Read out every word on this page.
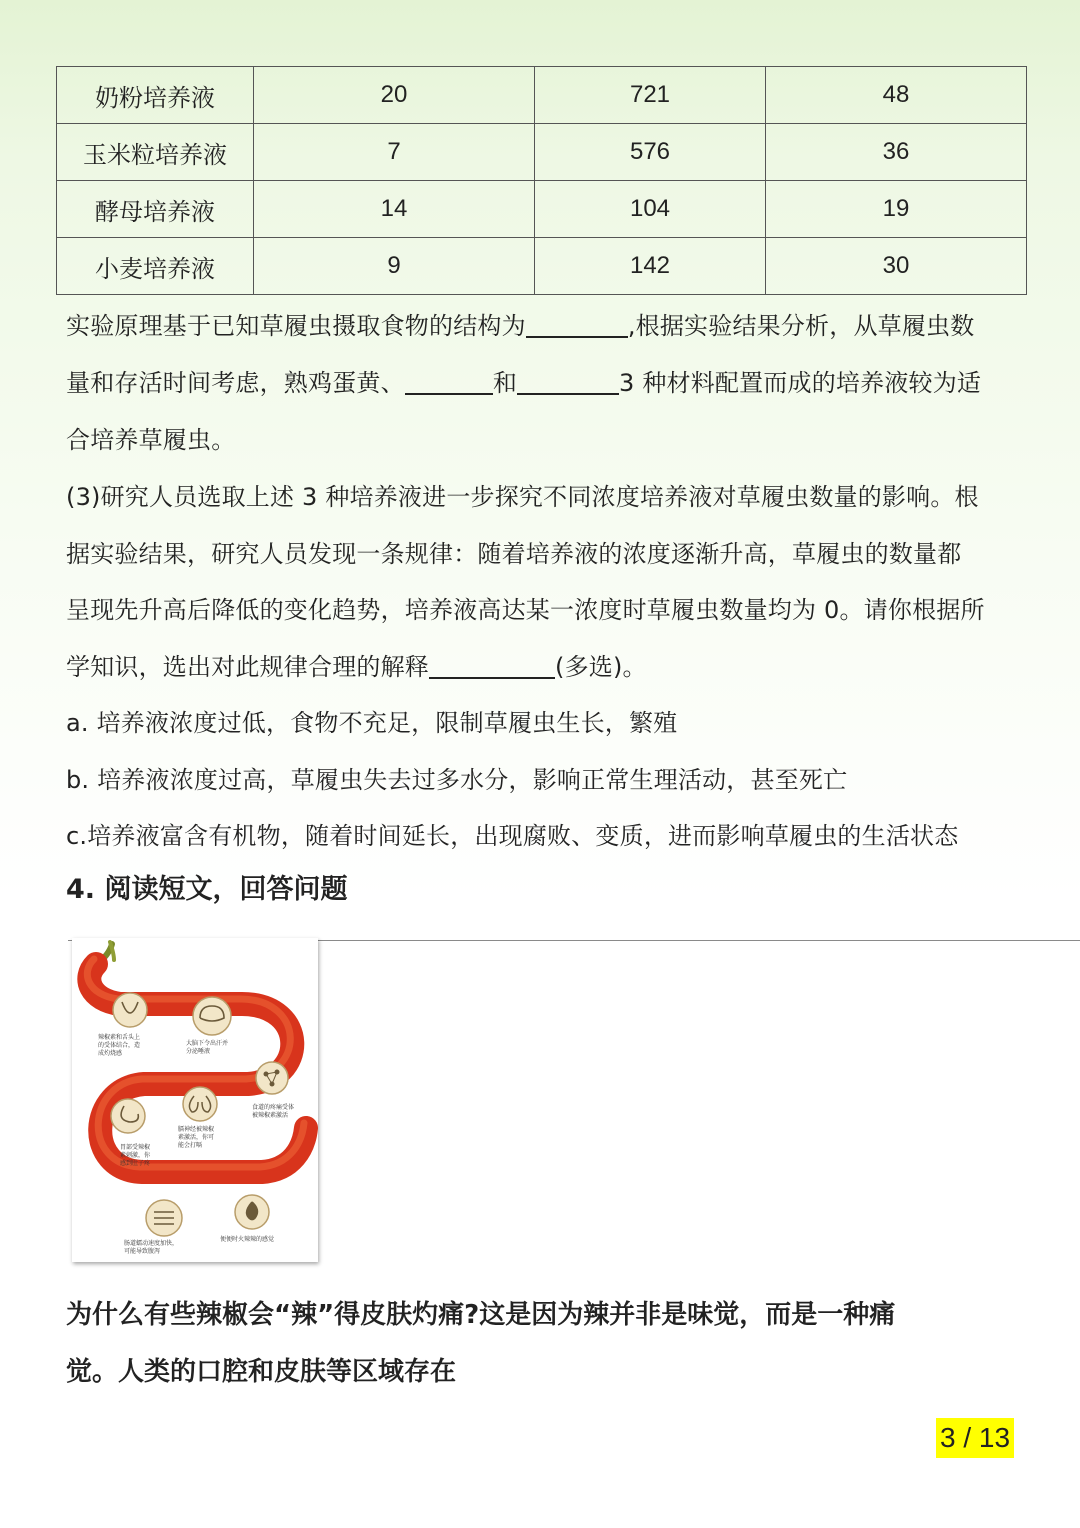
奶粉培养液	20	721	48
玉米粒培养液	7	576	36
酵母培养液	14	104	19
小麦培养液	9	142	30
实验原理基于已知草履虫摄取食物的结构为	,根据实验结果分析，从草履虫数
量和存活时间考虑，熟鸡蛋黄、	和	3 种材料配置而成的培养液较为适
合培养草履虫。
(3)研究人员选取上述 3 种培养液进一步探究不同浓度培养液对草履虫数量的影响。根
据实验结果，研究人员发现一条规律：随着培养液的浓度逐渐升高，草履虫的数量都
呈现先升高后降低的变化趋势，培养液高达某一浓度时草履虫数量均为 0。请你根据所
学知识，选出对此规律合理的解释	(多选)。
a. 培养液浓度过低，食物不充足，限制草履虫生长，繁殖
b. 培养液浓度过高，草履虫失去过多水分，影响正常生理活动，甚至死亡
c.培养液富含有机物，随着时间延长，出现腐败、变质，进而影响草履虫的生活状态
4. 阅读短文，回答问题
辣椒素和舌头上
的受体结合，造
成灼烧感
大脑下令出汗并
分泌唾液
食道的疼痛受体
被辣椒素激活
膈神经被辣椒
素激活，你可
能会打嗝
胃部受辣椒
素刺激，你
感到肚子疼
肠道蠕动速度加快，
可能导致腹泻
便便时火辣辣的感觉
为什么有些辣椒会“辣”得皮肤灼痛?这是因为辣并非是味觉，而是一种痛
觉。人类的口腔和皮肤等区域存在
3 / 13
